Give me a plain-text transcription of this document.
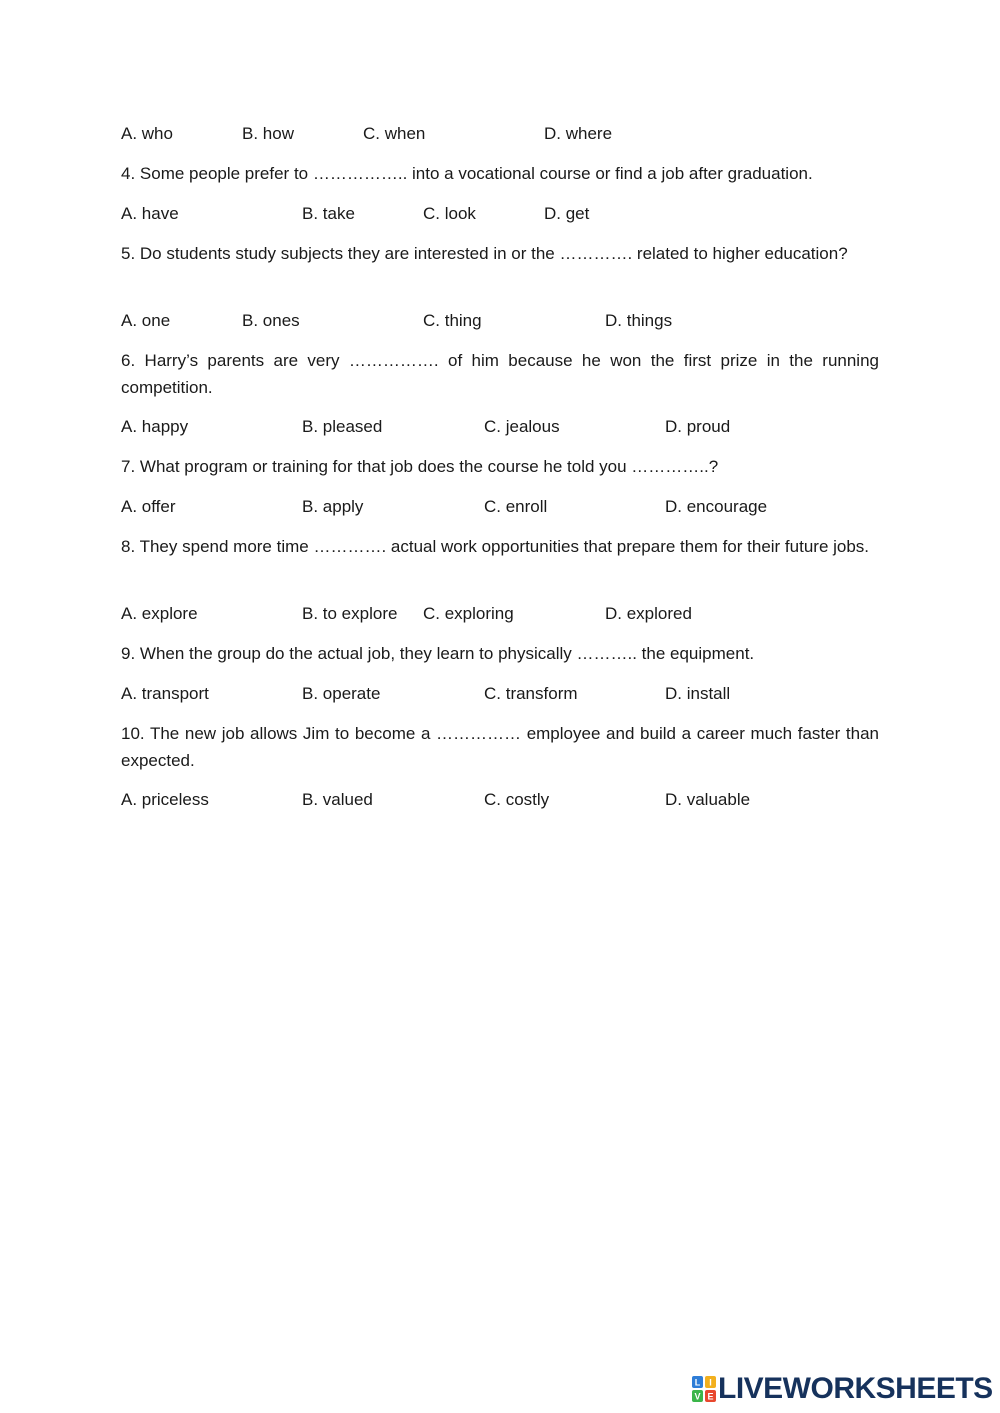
A. who	B. how	C. when	D. where
4. Some people prefer to …………….. into a vocational course or find a job after graduation.
A. have	B. take	C. look	D. get
5. Do students study subjects they are interested in or the …………. related to higher education?
A. one	B. ones	C. thing	D. things
6. Harry’s parents are very ……………. of him because he won the first prize in the running competition.
A. happy	B. pleased	C. jealous	D. proud
7. What program or training for that job does the course he told you …………..?
A. offer	B. apply	C. enroll	D. encourage
8. They spend more time …………. actual work opportunities that prepare them for their future jobs.
A. explore	B. to explore C. exploring	D. explored
9. When the group do the actual job, they learn to physically ……….. the equipment.
A. transport	B. operate	C. transform	D. install
10. The new job allows Jim to become a …………… employee and build a career much faster than expected.
A. priceless	B. valued	C. costly	D. valuable
L I
V E LIVEWORKSHEETS
